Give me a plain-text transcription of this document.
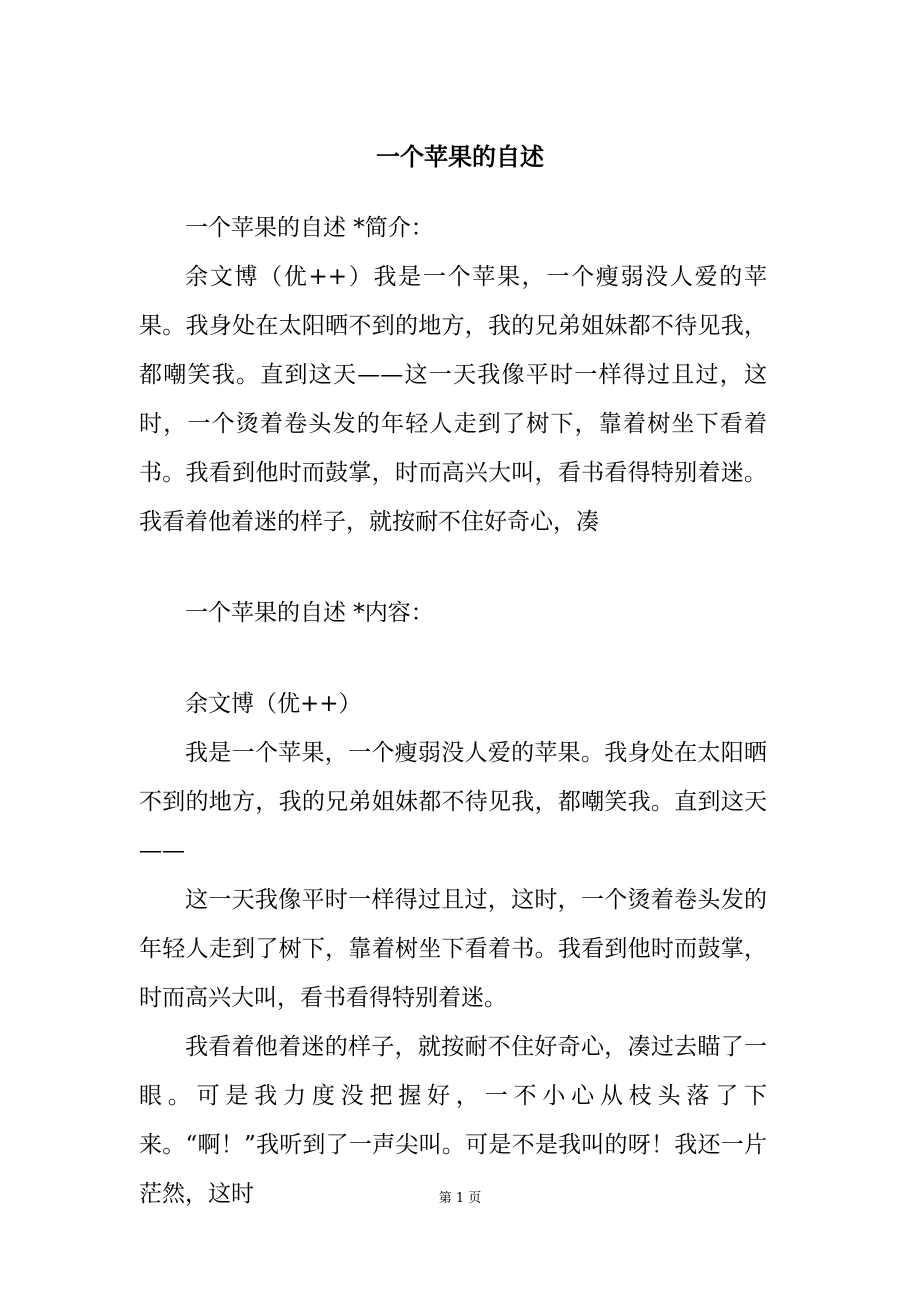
一个苹果的自述

一个苹果的自述 *简介：

余文博（优++）我是一个苹果，一个瘦弱没人爱的苹果。我身处在太阳晒不到的地方，我的兄弟姐妹都不待见我，都嘲笑我。直到这天——这一天我像平时一样得过且过，这时，一个烫着卷头发的年轻人走到了树下，靠着树坐下看着书。我看到他时而鼓掌，时而高兴大叫，看书看得特别着迷。我看着他着迷的样子，就按耐不住好奇心，凑

一个苹果的自述 *内容：

余文博（优++）

我是一个苹果，一个瘦弱没人爱的苹果。我身处在太阳晒不到的地方，我的兄弟姐妹都不待见我，都嘲笑我。直到这天——

这一天我像平时一样得过且过，这时，一个烫着卷头发的年轻人走到了树下，靠着树坐下看着书。我看到他时而鼓掌，时而高兴大叫，看书看得特别着迷。

我看着他着迷的样子，就按耐不住好奇心，凑过去瞄了一眼。可是我力度没把握好，一不小心从枝头落了下来。“啊！”我听到了一声尖叫。可是不是我叫的呀！我还一片茫然，这时	第 1 页
